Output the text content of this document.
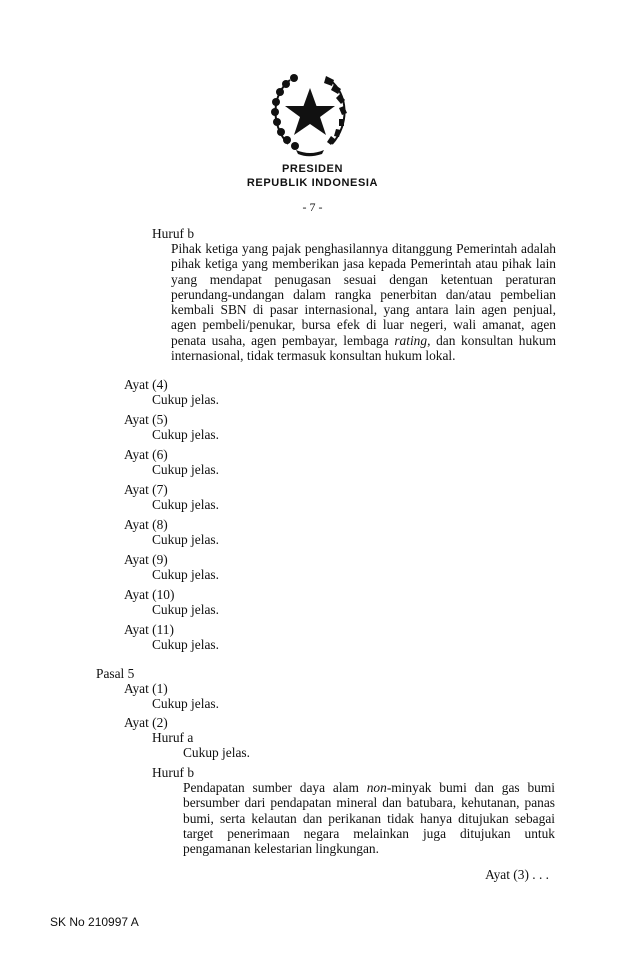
PRESIDEN
REPUBLIK INDONESIA
- 7 -
Huruf b

Pihak ketiga yang pajak penghasilannya ditanggung Pemerintah adalah pihak ketiga yang memberikan jasa kepada Pemerintah atau pihak lain yang mendapat penugasan sesuai dengan ketentuan peraturan perundang-undangan dalam rangka penerbitan dan/atau pembelian kembali SBN di pasar internasional, yang antara lain agen penjual, agen pembeli/penukar, bursa efek di luar negeri, wali amanat, agen penata usaha, agen pembayar, lembaga rating, dan konsultan hukum internasional, tidak termasuk konsultan hukum lokal.

Ayat (4)
Cukup jelas.
Ayat (5)
Cukup jelas.
Ayat (6)
Cukup jelas.
Ayat (7)
Cukup jelas.
Ayat (8)
Cukup jelas.
Ayat (9)
Cukup jelas.
Ayat (10)
Cukup jelas.
Ayat (11)
Cukup jelas.
Pasal 5
Ayat (1)
Cukup jelas.
Ayat (2)
Huruf a
Cukup jelas.
Huruf b

Pendapatan sumber daya alam non-minyak bumi dan gas bumi bersumber dari pendapatan mineral dan batubara, kehutanan, panas bumi, serta kelautan dan perikanan tidak hanya ditujukan sebagai target penerimaan negara melainkan juga ditujukan untuk pengamanan kelestarian lingkungan.

Ayat (3) . . .
SK No 210997 A
